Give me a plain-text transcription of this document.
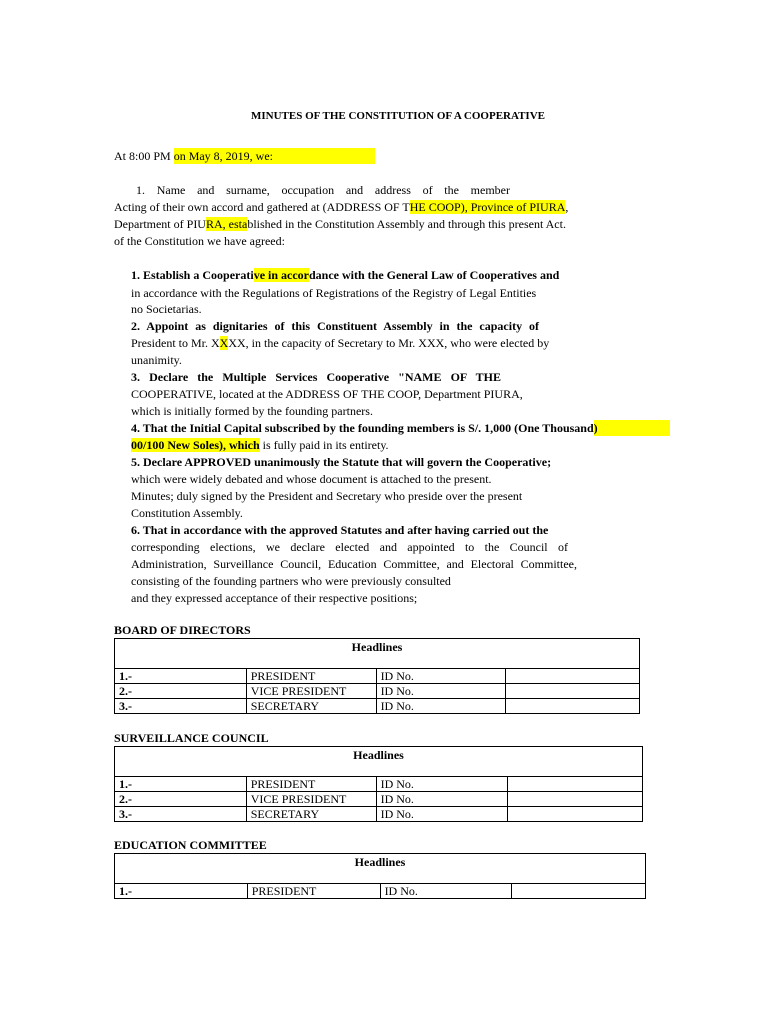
MINUTES OF THE CONSTITUTION OF A COOPERATIVE
At 8:00 PM on May 8, 2019, we:
1. Name and surname, occupation and address of the member
Acting of their own accord and gathered at (ADDRESS OF THE COOP), Province of PIURA,
Department of PIURA, established in the Constitution Assembly and through this present Act.
of the Constitution we have agreed:
1. Establish a Cooperative in accordance with the General Law of Cooperatives and
in accordance with the Regulations of Registrations of the Registry of Legal Entities
no Societarias.
2. Appoint as dignitaries of this Constituent Assembly in the capacity of
President to Mr. XXXX, in the capacity of Secretary to Mr. XXX, who were elected by
unanimity.
3. Declare the Multiple Services Cooperative "NAME OF THE
COOPERATIVE, located at the ADDRESS OF THE COOP, Department PIURA,
which is initially formed by the founding partners.
4. That the Initial Capital subscribed by the founding members is S/. 1,000 (One Thousand)
00/100 New Soles), which is fully paid in its entirety.
5. Declare APPROVED unanimously the Statute that will govern the Cooperative;
which were widely debated and whose document is attached to the present.
Minutes; duly signed by the President and Secretary who preside over the present
Constitution Assembly.
6. That in accordance with the approved Statutes and after having carried out the
corresponding elections, we declare elected and appointed to the Council of
Administration, Surveillance Council, Education Committee, and Electoral Committee,
consisting of the founding partners who were previously consulted
and they expressed acceptance of their respective positions;
BOARD OF DIRECTORS
Headlines			
1.-	PRESIDENT	ID No.	
2.-	VICE PRESIDENT	ID No.	
3.-	SECRETARY	ID No.	
SURVEILLANCE COUNCIL
Headlines			
1.-	PRESIDENT	ID No.	
2.-	VICE PRESIDENT	ID No.	
3.-	SECRETARY	ID No.	
EDUCATION COMMITTEE
Headlines
1.-	PRESIDENT	ID No.	
